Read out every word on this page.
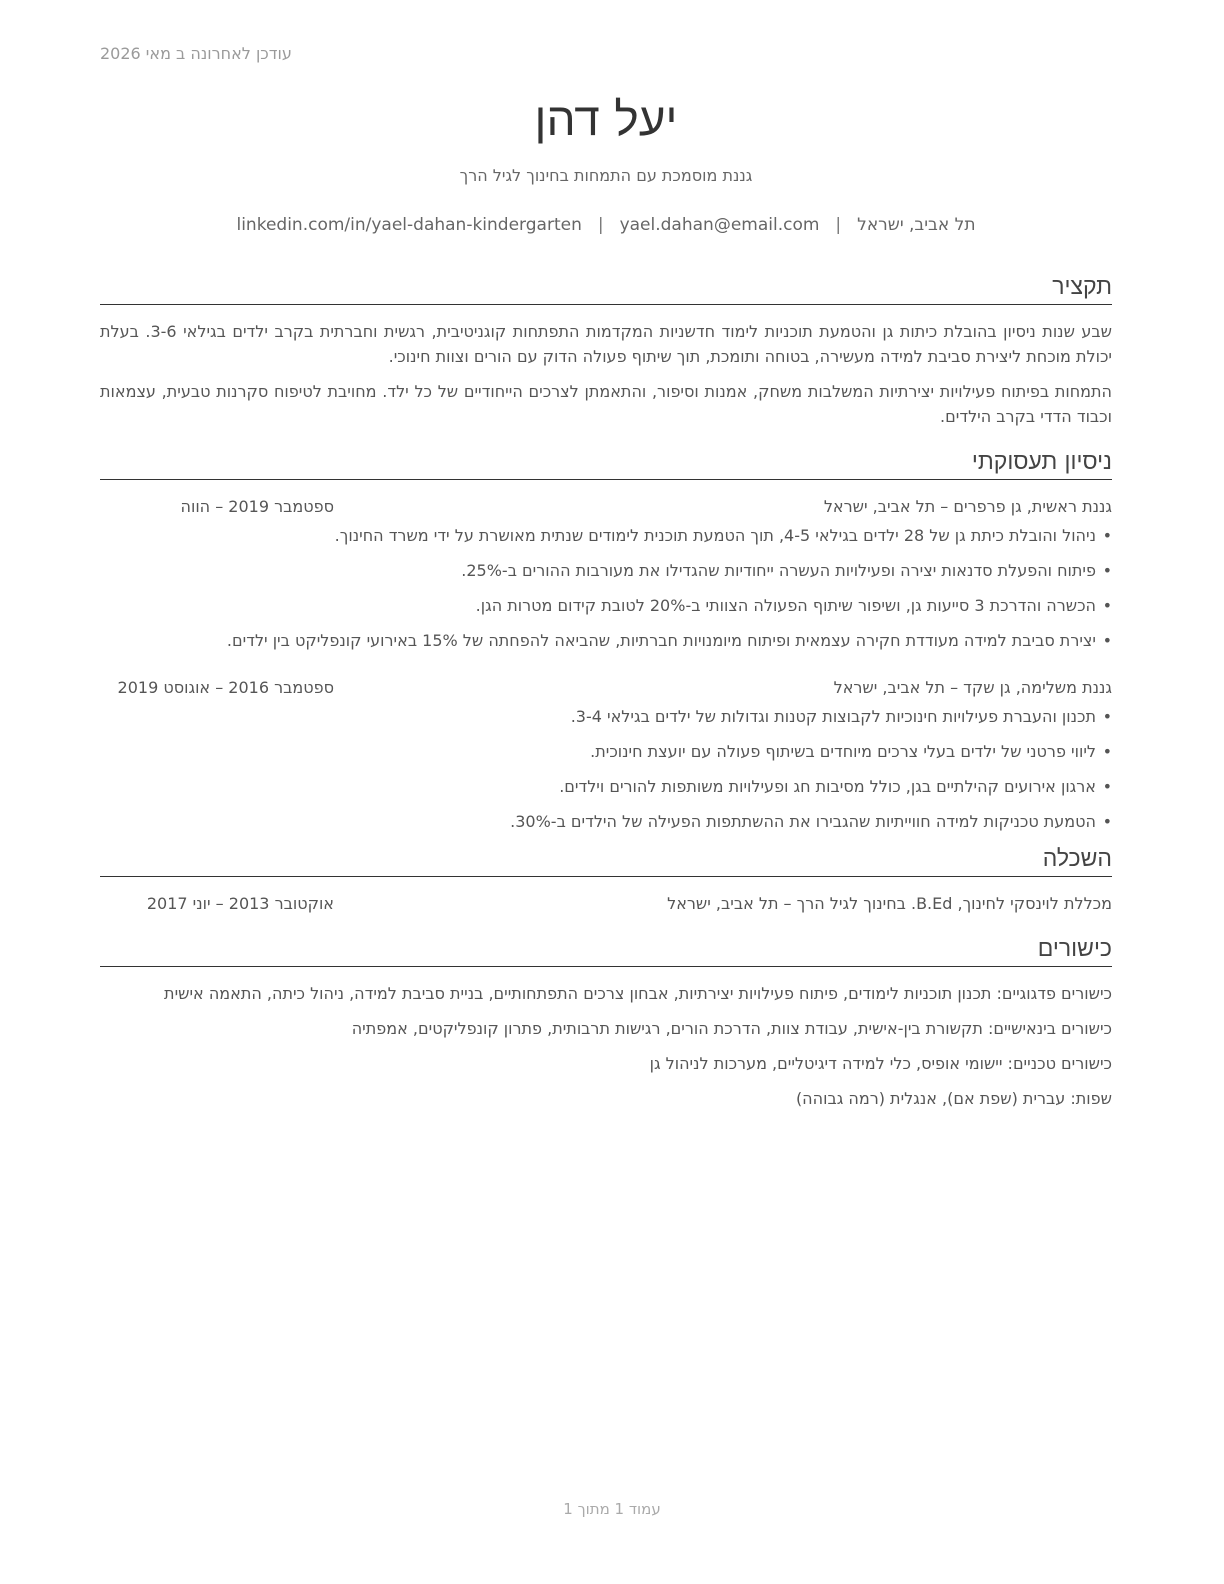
עודכן לאחרונה ב מאי 2026
יעל דהן
גננת מוסמכת עם התמחות בחינוך לגיל הרך
תל אביב, ישראל|yael.dahan@email.com|linkedin.com/in/yael-dahan-kindergarten
תקציר

שבע שנות ניסיון בהובלת כיתות גן והטמעת תוכניות לימוד חדשניות המקדמות התפתחות קוגניטיבית, רגשית וחברתית בקרב ילדים בגילאי 3-6. בעלת יכולת מוכחת ליצירת סביבת למידה מעשירה, בטוחה ותומכת, תוך שיתוף פעולה הדוק עם הורים וצוות חינוכי.

התמחות בפיתוח פעילויות יצירתיות המשלבות משחק, אמנות וסיפור, והתאמתן לצרכים הייחודיים של כל ילד. מחויבת לטיפוח סקרנות טבעית, עצמאות וכבוד הדדי בקרב הילדים.

ניסיון תעסוקתי
גננת ראשית, גן פרפרים – תל אביב, ישראל
ספטמבר 2019 – הווה
• ניהול והובלת כיתת גן של 28 ילדים בגילאי 4-5, תוך הטמעת תוכנית לימודים שנתית מאושרת על ידי משרד החינוך.
• פיתוח והפעלת סדנאות יצירה ופעילויות העשרה ייחודיות שהגדילו את מעורבות ההורים ב-25%.
• הכשרה והדרכת 3 סייעות גן, ושיפור שיתוף הפעולה הצוותי ב-20% לטובת קידום מטרות הגן.
• יצירת סביבת למידה מעודדת חקירה עצמאית ופיתוח מיומנויות חברתיות, שהביאה להפחתה של 15% באירועי קונפליקט בין ילדים.
גננת משלימה, גן שקד – תל אביב, ישראל
ספטמבר 2016 – אוגוסט 2019
• תכנון והעברת פעילויות חינוכיות לקבוצות קטנות וגדולות של ילדים בגילאי 3-4.
• ליווי פרטני של ילדים בעלי צרכים מיוחדים בשיתוף פעולה עם יועצת חינוכית.
• ארגון אירועים קהילתיים בגן, כולל מסיבות חג ופעילויות משותפות להורים וילדים.
• הטמעת טכניקות למידה חווייתיות שהגבירו את ההשתתפות הפעילה של הילדים ב-30%.
השכלה
מכללת לוינסקי לחינוך, B.Ed. בחינוך לגיל הרך – תל אביב, ישראל
אוקטובר 2013 – יוני 2017
כישורים

כישורים פדגוגיים: תכנון תוכניות לימודים, פיתוח פעילויות יצירתיות, אבחון צרכים התפתחותיים, בניית סביבת למידה, ניהול כיתה, התאמה אישית

כישורים בינאישיים: תקשורת בין-אישית, עבודת צוות, הדרכת הורים, רגישות תרבותית, פתרון קונפליקטים, אמפתיה

כישורים טכניים: יישומי אופיס, כלי למידה דיגיטליים, מערכות לניהול גן

שפות: עברית (שפת אם), אנגלית (רמה גבוהה)

עמוד 1 מתוך 1
